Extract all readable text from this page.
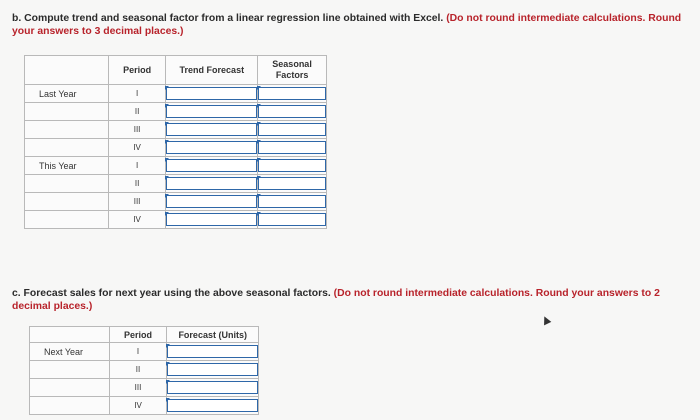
b. Compute trend and seasonal factor from a linear regression line obtained with Excel. (Do not round intermediate calculations. Round your answers to 3 decimal places.)
	Period	Trend Forecast	Seasonal Factors
Last Year	I	

	II	

	III	

	IV	

This Year	I	

	II	

	III	

	IV	

c. Forecast sales for next year using the above seasonal factors. (Do not round intermediate calculations. Round your answers to 2 decimal places.)
	Period	Forecast (Units)
Next Year	I	

	II	

	III	

	IV	
